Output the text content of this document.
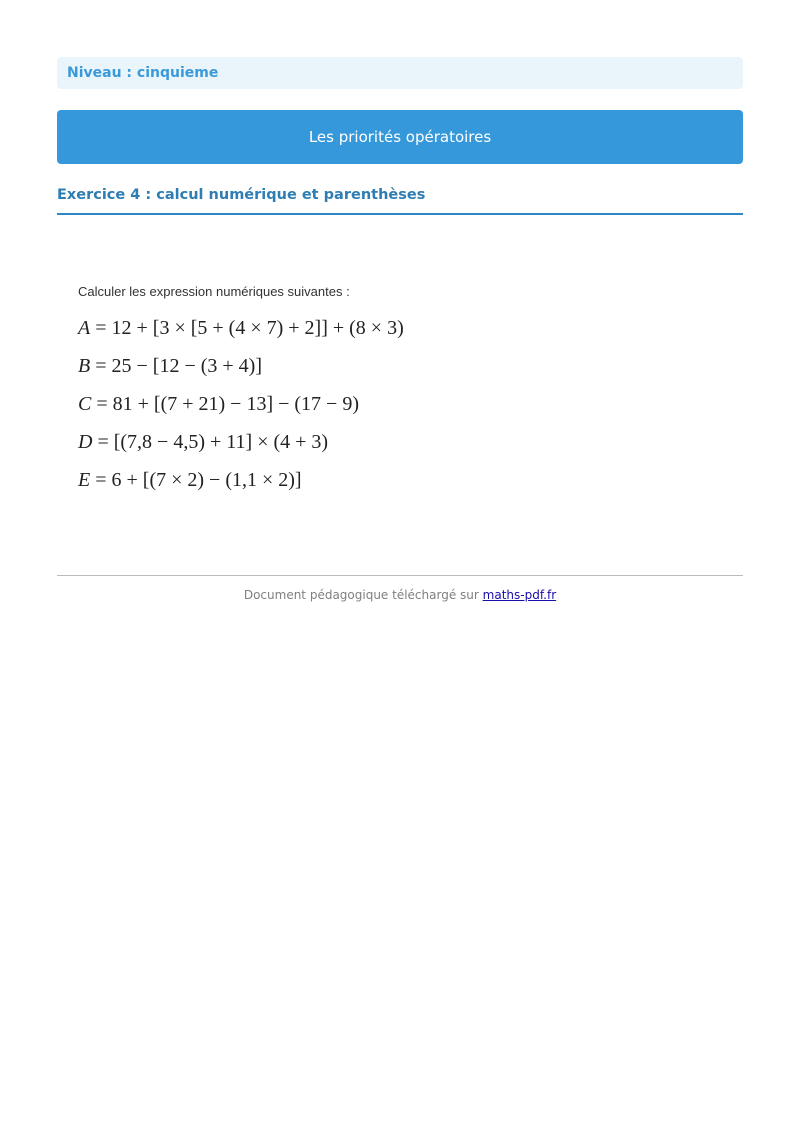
Niveau : cinquieme
Les priorités opératoires
Exercice 4 : calcul numérique et parenthèses
Calculer les expression numériques suivantes :
A = 12 + [3 × [5 + (4 × 7) + 2]] + (8 × 3)
B = 25 − [12 − (3 + 4)]
C = 81 + [(7 + 21) − 13] − (17 − 9)
D = [(7,8 − 4,5) + 11] × (4 + 3)
E = 6 + [(7 × 2) − (1,1 × 2)]
Document pédagogique téléchargé sur maths-pdf.fr
